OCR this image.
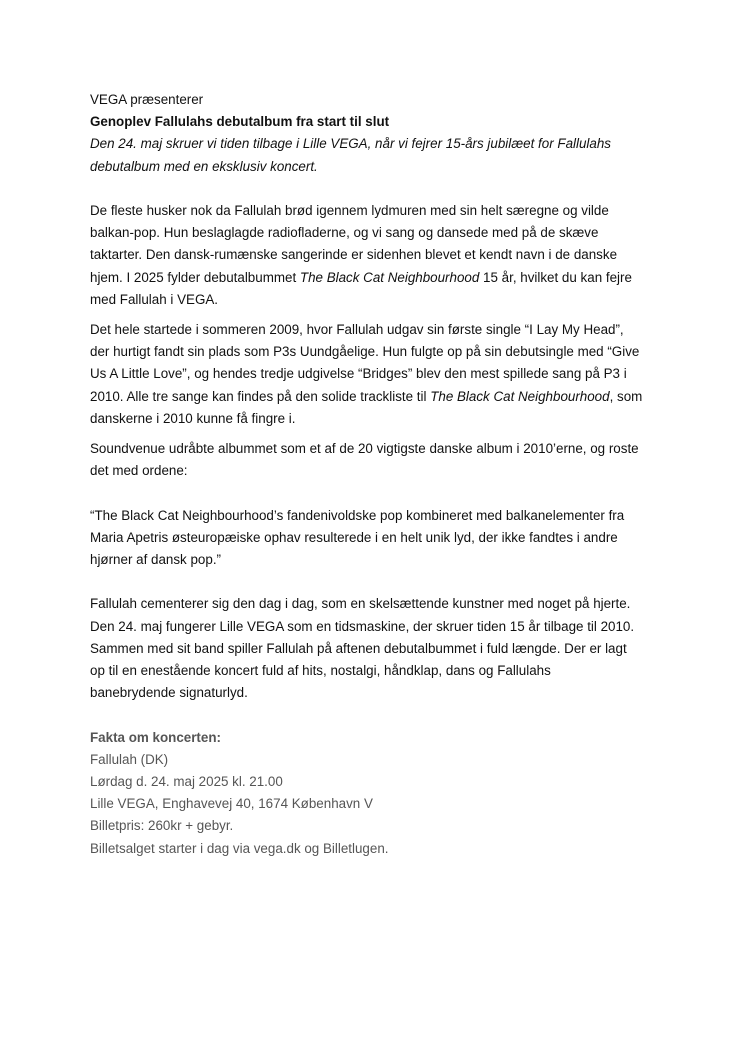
VEGA præsenterer
Genoplev Fallulahs debutalbum fra start til slut
Den 24. maj skruer vi tiden tilbage i Lille VEGA, når vi fejrer 15-års jubilæet for Fallulahs
debutalbum med en eksklusiv koncert.
De fleste husker nok da Fallulah brød igennem lydmuren med sin helt særegne og vilde
balkan-pop. Hun beslaglagde radiofladerne, og vi sang og dansede med på de skæve
taktarter. Den dansk-rumænske sangerinde er sidenhen blevet et kendt navn i de danske
hjem. I 2025 fylder debutalbummet The Black Cat Neighbourhood 15 år, hvilket du kan fejre
med Fallulah i VEGA.
Det hele startede i sommeren 2009, hvor Fallulah udgav sin første single “I Lay My Head”,
der hurtigt fandt sin plads som P3s Uundgåelige. Hun fulgte op på sin debutsingle med “Give
Us A Little Love”, og hendes tredje udgivelse “Bridges” blev den mest spillede sang på P3 i
2010. Alle tre sange kan findes på den solide trackliste til The Black Cat Neighbourhood, som
danskerne i 2010 kunne få fingre i.
Soundvenue udråbte albummet som et af de 20 vigtigste danske album i 2010’erne, og roste
det med ordene:
“The Black Cat Neighbourhood’s fandenivoldske pop kombineret med balkanelementer fra
Maria Apetris østeuropæiske ophav resulterede i en helt unik lyd, der ikke fandtes i andre
hjørner af dansk pop.”
Fallulah cementerer sig den dag i dag, som en skelsættende kunstner med noget på hjerte.
Den 24. maj fungerer Lille VEGA som en tidsmaskine, der skruer tiden 15 år tilbage til 2010.
Sammen med sit band spiller Fallulah på aftenen debutalbummet i fuld længde. Der er lagt
op til en enestående koncert fuld af hits, nostalgi, håndklap, dans og Fallulahs
banebrydende signaturlyd.
Fakta om koncerten:
Fallulah (DK)
Lørdag d. 24. maj 2025 kl. 21.00
Lille VEGA, Enghavevej 40, 1674 København V
Billetpris: 260kr + gebyr.
Billetsalget starter i dag via vega.dk og Billetlugen.
